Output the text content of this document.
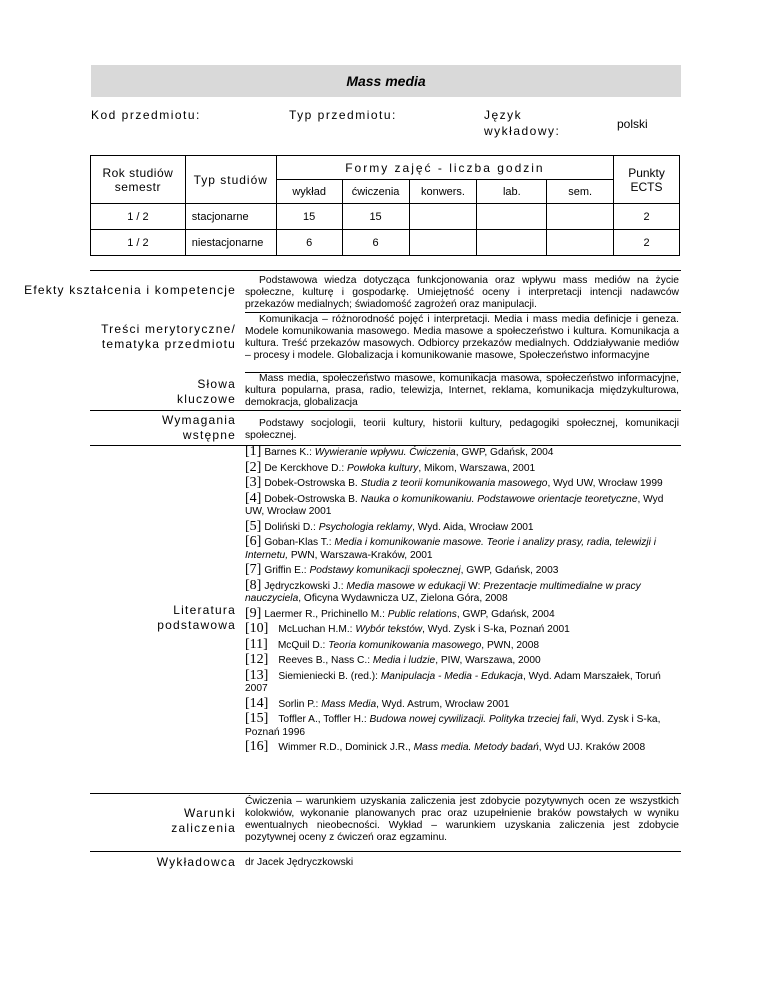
Mass media
Kod przedmiotu:	Typ przedmiotu:	Język wykładowy:	polski
Rok studiów semestr	Typ studiów	Formy zajęć - liczba godzin					Punkty ECTS
		wykład	ćwiczenia	konwers.	lab.	sem.	
1 / 2	stacjonarne	15	15				2
1 / 2	niestacjonarne	6	6				2
Efekty kształcenia i kompetencje
Podstawowa wiedza dotycząca funkcjonowania oraz wpływu mass mediów na życie społeczne, kulturę i gospodarkę. Umiejętność oceny i interpretacji intencji nadawców przekazów medialnych; świadomość zagrożeń oraz manipulacji.
Treści merytoryczne/ tematyka przedmiotu
Komunikacja – różnorodność pojęć i interpretacji. Media i mass media definicje i geneza. Modele komunikowania masowego. Media masowe a społeczeństwo i kultura. Komunikacja a kultura. Treść przekazów masowych. Odbiorcy przekazów medialnych. Oddziaływanie mediów – procesy i modele. Globalizacja i komunikowanie masowe, Społeczeństwo informacyjne
Słowa kluczowe
Mass media, społeczeństwo masowe, komunikacja masowa, społeczeństwo informacyjne, kultura popularna, prasa, radio, telewizja, Internet, reklama, komunikacja międzykulturowa, demokracja, globalizacja
Wymagania wstępne
Podstawy socjologii, teorii kultury, historii kultury, pedagogiki społecznej, komunikacji społecznej.
Literatura podstawowa
[1] Barnes K.: Wywieranie wpływu. Ćwiczenia, GWP, Gdańsk, 2004
[2] De Kerckhove D.: Powłoka kultury, Mikom, Warszawa, 2001
[3] Dobek-Ostrowska B. Studia z teorii komunikowania masowego, Wyd UW, Wrocław 1999
[4] Dobek-Ostrowska B. Nauka o komunikowaniu. Podstawowe orientacje teoretyczne, Wyd UW, Wrocław 2001
[5] Doliński D.: Psychologia reklamy, Wyd. Aida, Wrocław 2001
[6] Goban-Klas T.: Media i komunikowanie masowe. Teorie i analizy prasy, radia, telewizji i Internetu, PWN, Warszawa-Kraków, 2001
[7] Griffin E.: Podstawy komunikacji społecznej, GWP, Gdańsk, 2003
[8] Jędryczkowski J.: Media masowe w edukacji W: Prezentacje multimedialne w pracy nauczyciela, Oficyna Wydawnicza UZ, Zielona Góra, 2008
[9] Laermer R., Prichinello M.: Public relations, GWP, Gdańsk, 2004
[10] McLuchan H.M.: Wybór tekstów, Wyd. Zysk i S-ka, Poznań 2001
[11] McQuil D.: Teoria komunikowania masowego, PWN, 2008
[12] Reeves B., Nass C.: Media i ludzie, PIW, Warszawa, 2000
[13] Siemieniecki B. (red.): Manipulacja - Media - Edukacja, Wyd. Adam Marszałek, Toruń 2007
[14] Sorlin P.: Mass Media, Wyd. Astrum, Wrocław 2001
[15] Toffler A., Toffler H.: Budowa nowej cywilizacji. Polityka trzeciej fali, Wyd. Zysk i S-ka, Poznań 1996
[16] Wimmer R.D., Dominick J.R., Mass media. Metody badań, Wyd UJ. Kraków 2008
Warunki zaliczenia
Ćwiczenia – warunkiem uzyskania zaliczenia jest zdobycie pozytywnych ocen ze wszystkich kolokwiów, wykonanie planowanych prac oraz uzupełnienie braków powstałych w wyniku ewentualnych nieobecności. Wykład – warunkiem uzyskania zaliczenia jest zdobycie pozytywnej oceny z ćwiczeń oraz egzaminu.
Wykładowca dr Jacek Jędryczkowski
